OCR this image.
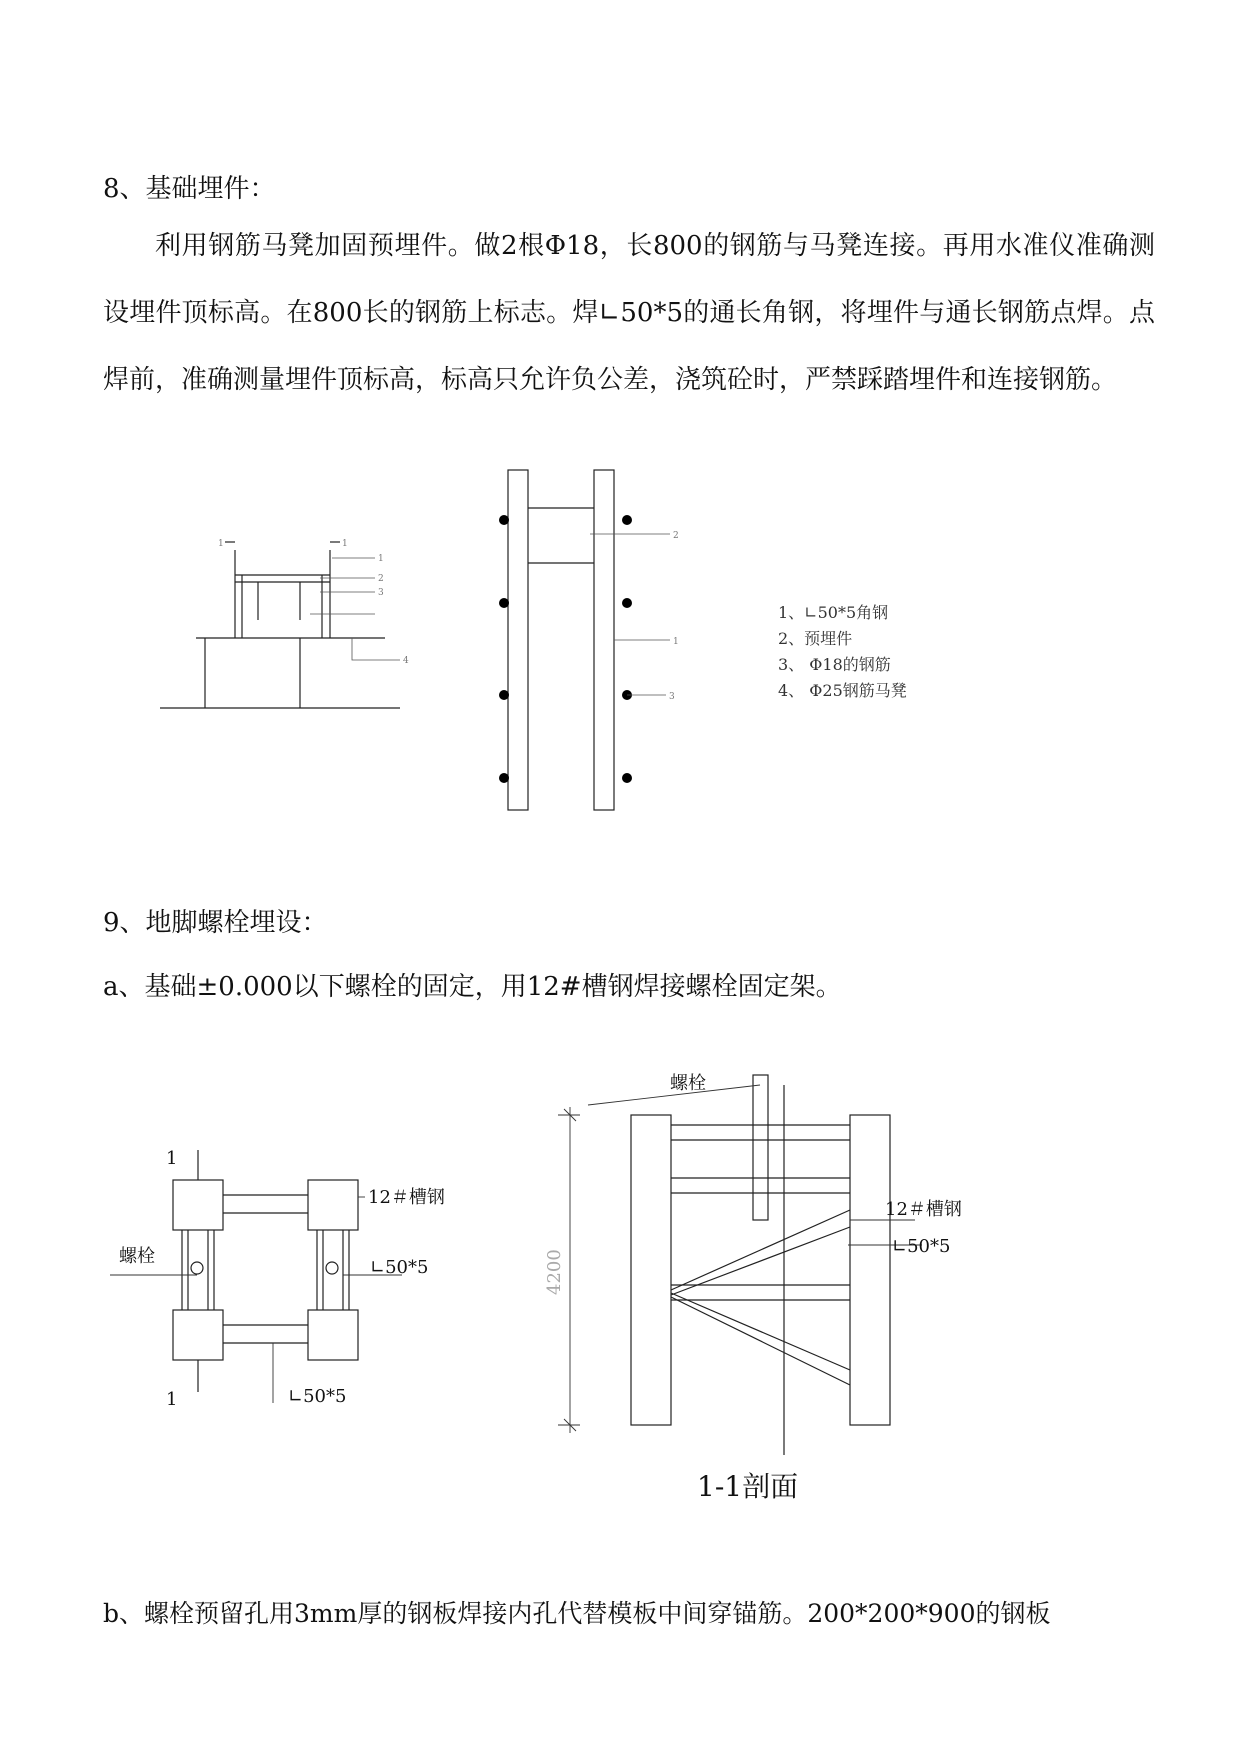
8、基础埋件：

利用钢筋马凳加固预埋件。做2根Φ18，长800的钢筋与马凳连接。再用水准仪准确测设埋件顶标高。在800长的钢筋上标志。焊∟50*5的通长角钢，将埋件与通长钢筋点焊。点焊前，准确测量埋件顶标高，标高只允许负公差，浇筑砼时，严禁踩踏埋件和连接钢筋。

1	1
1
2
3
4
2
1
3
1、∟50*5角钢
2、预埋件
3、 Φ18的钢筋
4、 Φ25钢筋马凳

9、地脚螺栓埋设：

a、基础±0.000以下螺栓的固定，用12#槽钢焊接螺栓固定架。

1
1
12＃槽钢
螺栓
∟50*5
∟50*5
螺栓
12＃槽钢
∟50*5
4200

1-1剖面

b、螺栓预留孔用3mm厚的钢板焊接内孔代替模板中间穿锚筋。200*200*900的钢板
